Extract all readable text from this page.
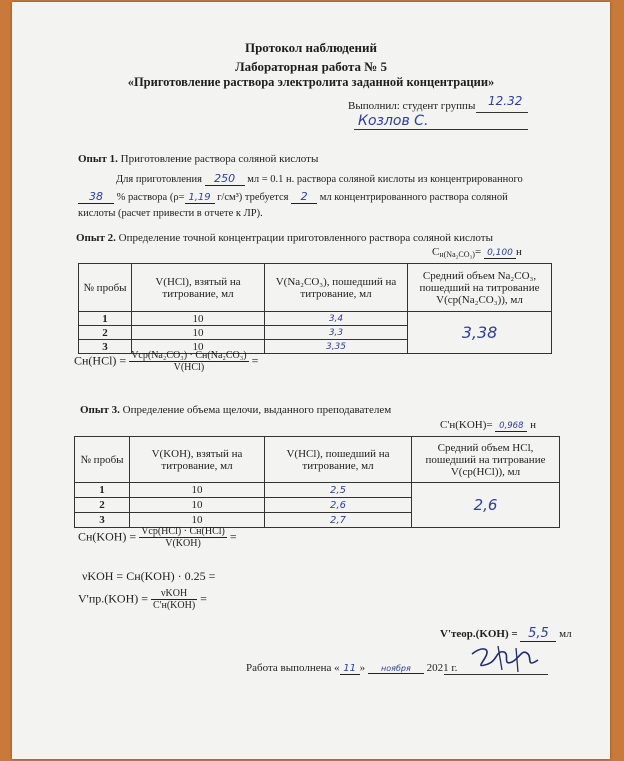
Протокол наблюдений
Лабораторная работа № 5
«Приготовление раствора электролита заданной концентрации»
Выполнил: студент группы 12.32
Козлов С.
Опыт 1. Приготовление раствора соляной кислоты
Для приготовления 250 мл = 0.1 н. раствора соляной кислоты из концентрированного
38 % раствора (ρ= 1,19 г/см³) требуется 2 мл концентрированного раствора соляной
кислоты (расчет привести в отчете к ЛР).
Опыт 2. Определение точной концентрации приготовленного раствора соляной кислоты
$C_{н(Na_2CO_3)}= 0,100$ н
№ пробы	V(HCl), взятый на титрование, мл	V(Na₂CO₃), пошедший на титрование, мл	Средний объем Na₂CO₃, пошедший на титрование V(ср(Na₂CO₃)), мл
1	10	3,4	3,38
2	10	3,3	
3	10	3,35	
$Cн(HCl) = \frac{\text{Vср(Na₂CO₃) · Cн(Na₂CO₃)}}{\text{V(HCl)}}$ =
Опыт 3. Определение объема щелочи, выданного преподавателем
C'н(KOH)= 0,968 н
№ пробы	V(KOH), взятый на титрование, мл	V(HCl), пошедший на титрование, мл	Средний объем HCl, пошедший на титрование V(ср(HCl)), мл
1	10	2,5	2,6
2	10	2,6	
3	10	2,7	
$Cн(KOH) = \frac{\text{Vср(HCl) · Cн(HCl)}}{\text{V(KOH)}}$ =
νKOH = Cн(KOH) · 0.25 =
$V'пр.(KOH) = \frac{\text{νKOH}}{\text{C'н(KOH)}}$ =
V'теор.(KOH) = 5,5 мл
Работа выполнена « 11 » ноября 2021 г.
